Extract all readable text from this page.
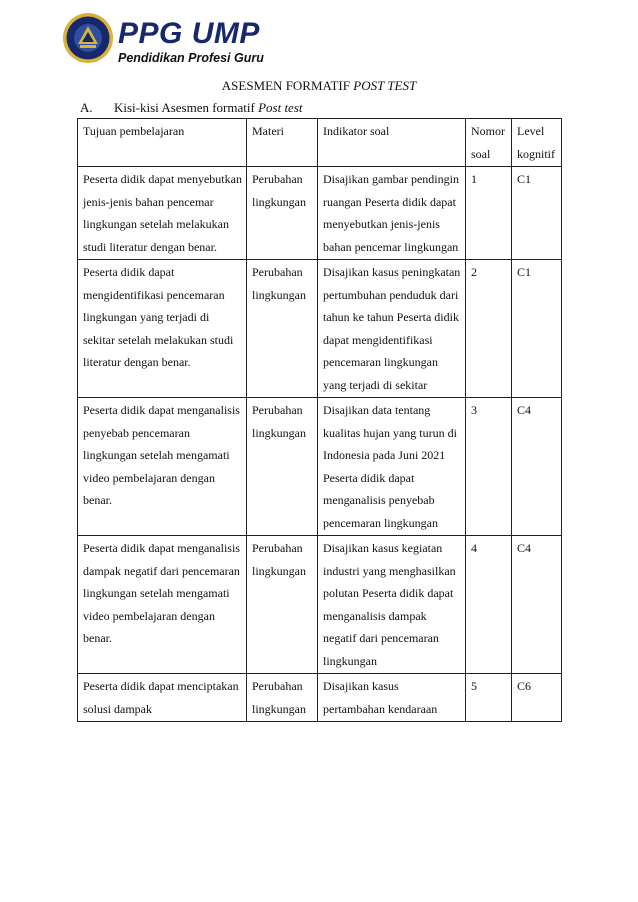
PPG UMP
Pendidikan Profesi Guru
ASESMEN FORMATIF POST TEST
A. Kisi-kisi Asesmen formatif Post test
Tujuan pembelajaran	Materi	Indikator soal	Nomor soal	Level kognitif
Peserta didik dapat menyebutkan jenis-jenis bahan pencemar lingkungan setelah melakukan studi literatur dengan benar.	Perubahan lingkungan	Disajikan gambar pendingin ruangan Peserta didik dapat menyebutkan jenis-jenis bahan pencemar lingkungan	1	C1
Peserta didik dapat mengidentifikasi pencemaran lingkungan yang terjadi di sekitar setelah melakukan studi literatur dengan benar.	Perubahan lingkungan	Disajikan kasus peningkatan pertumbuhan penduduk dari tahun ke tahun Peserta didik dapat mengidentifikasi pencemaran lingkungan yang terjadi di sekitar	2	C1
Peserta didik dapat menganalisis penyebab pencemaran lingkungan setelah mengamati video pembelajaran dengan benar.	Perubahan lingkungan	Disajikan data tentang kualitas hujan yang turun di Indonesia pada Juni 2021 Peserta didik dapat menganalisis penyebab pencemaran lingkungan	3	C4
Peserta didik dapat menganalisis dampak negatif dari pencemaran lingkungan setelah mengamati video pembelajaran dengan benar.	Perubahan lingkungan	Disajikan kasus kegiatan industri yang menghasilkan polutan Peserta didik dapat menganalisis dampak negatif dari pencemaran lingkungan	4	C4
Peserta didik dapat menciptakan solusi dampak	Perubahan lingkungan	Disajikan kasus pertambahan kendaraan	5	C6
